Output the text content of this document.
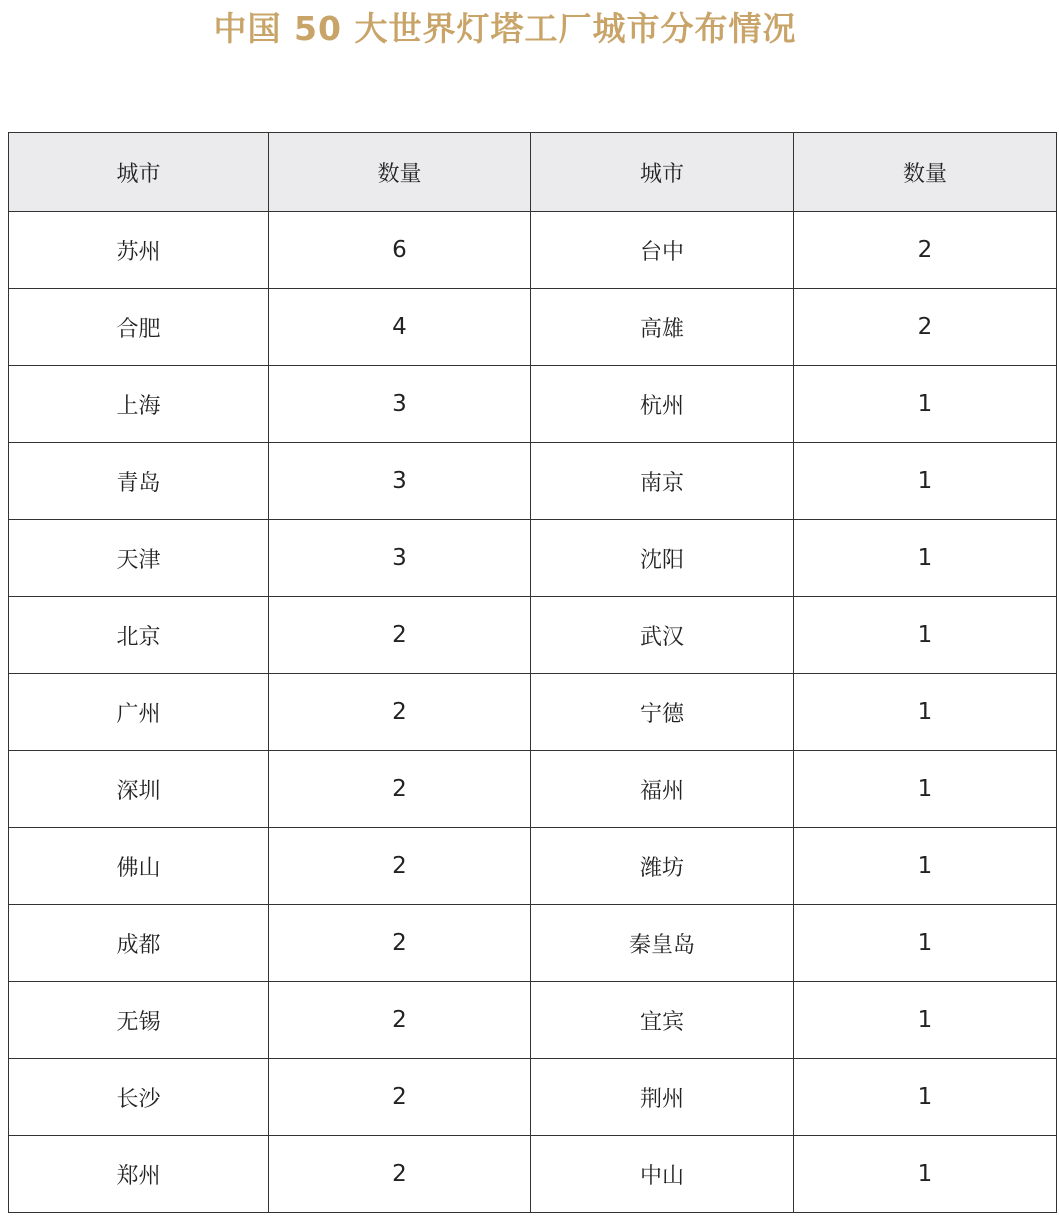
中国 50 大世界灯塔工厂城市分布情况
城市	数量	城市	数量
苏州	6	台中	2
合肥	4	高雄	2
上海	3	杭州	1
青岛	3	南京	1
天津	3	沈阳	1
北京	2	武汉	1
广州	2	宁德	1
深圳	2	福州	1
佛山	2	潍坊	1
成都	2	秦皇岛	1
无锡	2	宜宾	1
长沙	2	荆州	1
郑州	2	中山	1
